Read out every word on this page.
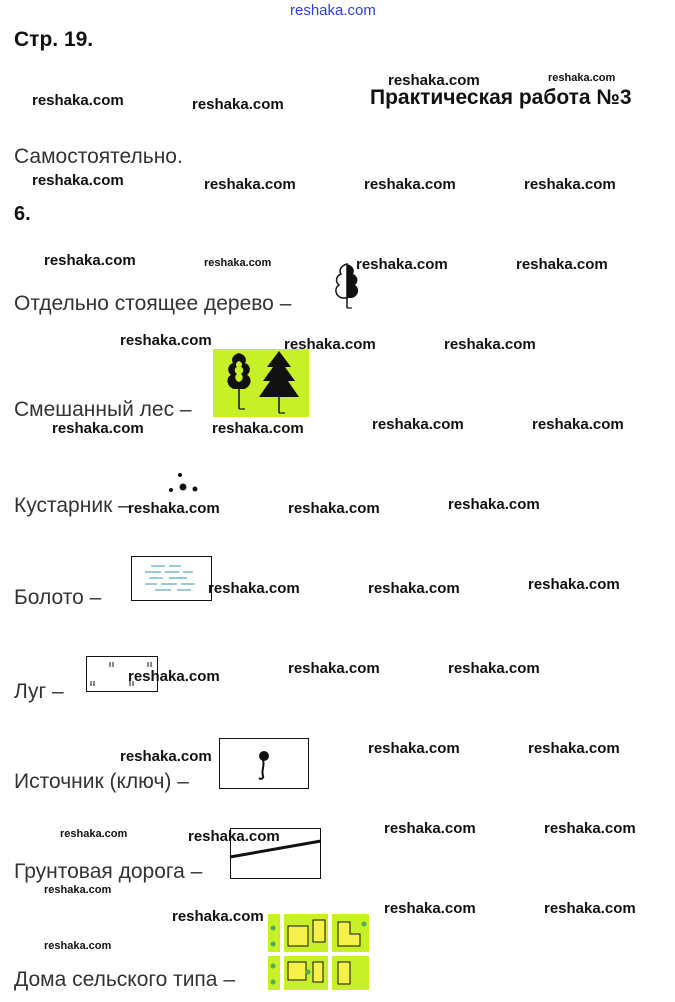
reshaka.com
Стр. 19.
Практическая работа №3
Самостоятельно.
6.
Отдельно стоящее дерево –
Смешанный лес –
Кустарник –
Болото –
Луг –
Источник (ключ) –
Грунтовая дорога –
Дома сельского типа –
reshaka.com	reshaka.com
reshaka.com	reshaka.com
reshaka.com	reshaka.com	reshaka.com	reshaka.com
reshaka.com	reshaka.com	reshaka.com	reshaka.com
reshaka.com	reshaka.com	reshaka.com
reshaka.com	reshaka.com	reshaka.com	reshaka.com
reshaka.com	reshaka.com	reshaka.com
reshaka.com	reshaka.com	reshaka.com
reshaka.com	reshaka.com	reshaka.com
reshaka.com	reshaka.com	reshaka.com
reshaka.com	reshaka.com	reshaka.com	reshaka.com
reshaka.com
reshaka.com	reshaka.com	reshaka.com
reshaka.com
